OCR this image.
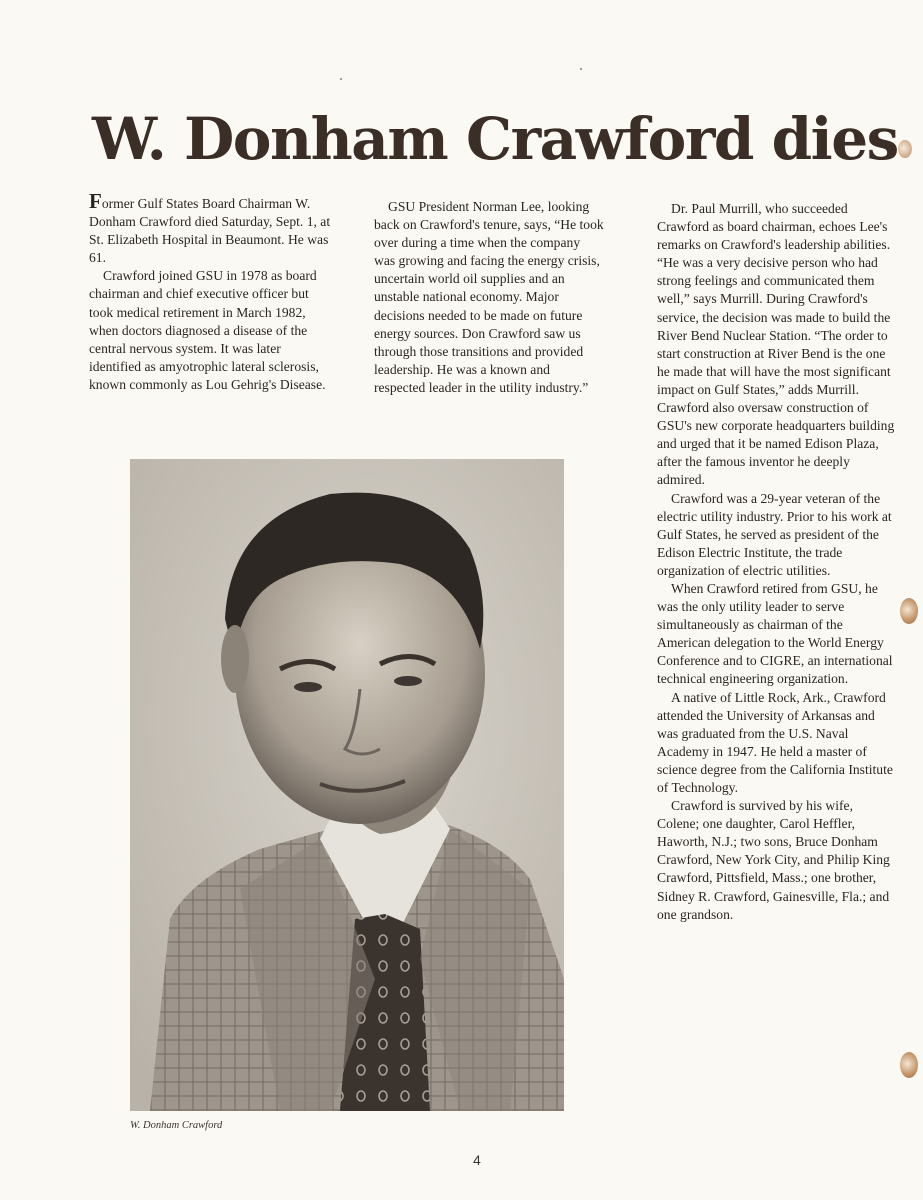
W. Donham Crawford dies

Former Gulf States Board Chairman W. Donham Crawford died Saturday, Sept. 1, at St. Elizabeth Hospital in Beaumont. He was 61.

Crawford joined GSU in 1978 as board chairman and chief executive officer but took medical retirement in March 1982, when doctors diagnosed a disease of the central nervous system. It was later identified as amyotrophic lateral sclerosis, known commonly as Lou Gehrig's Disease.

GSU President Norman Lee, looking back on Crawford's tenure, says, “He took over during a time when the company was growing and facing the energy crisis, uncertain world oil supplies and an unstable national economy. Major decisions needed to be made on future energy sources. Don Crawford saw us through those transitions and provided leadership. He was a known and respected leader in the utility industry.”

Dr. Paul Murrill, who succeeded Crawford as board chairman, echoes Lee's remarks on Crawford's leadership abilities. “He was a very decisive person who had strong feelings and communicated them well,” says Murrill. During Crawford's service, the decision was made to build the River Bend Nuclear Station. “The order to start construction at River Bend is the one he made that will have the most significant impact on Gulf States,” adds Murrill. Crawford also oversaw construction of GSU's new corporate headquarters building and urged that it be named Edison Plaza, after the famous inventor he deeply admired.

Crawford was a 29-year veteran of the electric utility industry. Prior to his work at Gulf States, he served as president of the Edison Electric Institute, the trade organization of electric utilities.

When Crawford retired from GSU, he was the only utility leader to serve simultaneously as chairman of the American delegation to the World Energy Conference and to CIGRE, an international technical engineering organization.

A native of Little Rock, Ark., Crawford attended the University of Arkansas and was graduated from the U.S. Naval Academy in 1947. He held a master of science degree from the California Institute of Technology.

Crawford is survived by his wife, Colene; one daughter, Carol Heffler, Haworth, N.J.; two sons, Bruce Donham Crawford, New York City, and Philip King Crawford, Pittsfield, Mass.; one brother, Sidney R. Crawford, Gainesville, Fla.; and one grandson.

W. Donham Crawford
4
